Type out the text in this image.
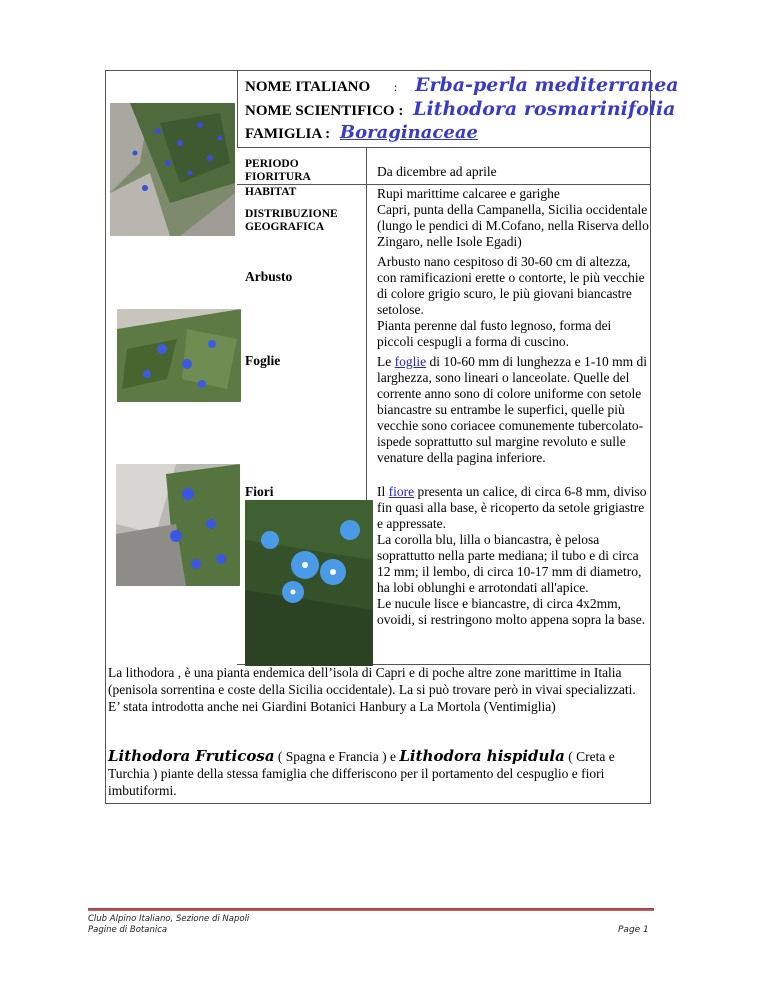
NOME ITALIANO : Erba-perla mediterranea
NOME SCIENTIFICO : Lithodora rosmarinifolia
FAMIGLIA : Boraginaceae
PERIODO
FIORITURA
HABITAT
DISTRIBUZIONE
GEOGRAFICA
Arbusto
Foglie
Fiori
Da dicembre ad aprile
Rupi marittime calcaree e garighe
Capri, punta della Campanella, Sicilia occidentale (lungo le pendici di M.Cofano, nella Riserva dello Zingaro, nelle Isole Egadi)

Arbusto nano cespitoso di 30-60 cm di altezza, con ramificazioni erette o contorte, le più vecchie di colore grigio scuro, le più giovani biancastre setolose.

Pianta perenne dal fusto legnoso, forma dei piccoli cespugli a forma di cuscino.

Le foglie di 10-60 mm di lunghezza e 1-10 mm di larghezza, sono lineari o lanceolate. Quelle del corrente anno sono di colore uniforme con setole biancastre su entrambe le superfici, quelle più vecchie sono coriacee comunemente tubercolato-ispede soprattutto sul margine revoluto e sulle venature della pagina inferiore.

Il fiore presenta un calice, di circa 6-8 mm, diviso fin quasi alla base, è ricoperto da setole grigiastre e appressate.

La corolla blu, lilla o biancastra, è pelosa soprattutto nella parte mediana; il tubo e di circa 12 mm; il lembo, di circa 10-17 mm di diametro, ha lobi oblunghi e arrotondati all'apice.

Le nucule lisce e biancastre, di circa 4x2mm, ovoidi, si restringono molto appena sopra la base.

La lithodora , è una pianta endemica dell’isola di Capri e di poche altre zone marittime in Italia (penisola sorrentina e coste della Sicilia occidentale). La si può trovare però in vivai specializzati.

E’ stata introdotta anche nei Giardini Botanici Hanbury a La Mortola (Ventimiglia)

Lithodora Fruticosa ( Spagna e Francia ) e Lithodora hispidula ( Creta e

Turchia ) piante della stessa famiglia che differiscono per il portamento del cespuglio e fiori imbutiformi.

Club Alpino Italiano, Sezione di Napoli
Pagine di Botanica	Page 1
